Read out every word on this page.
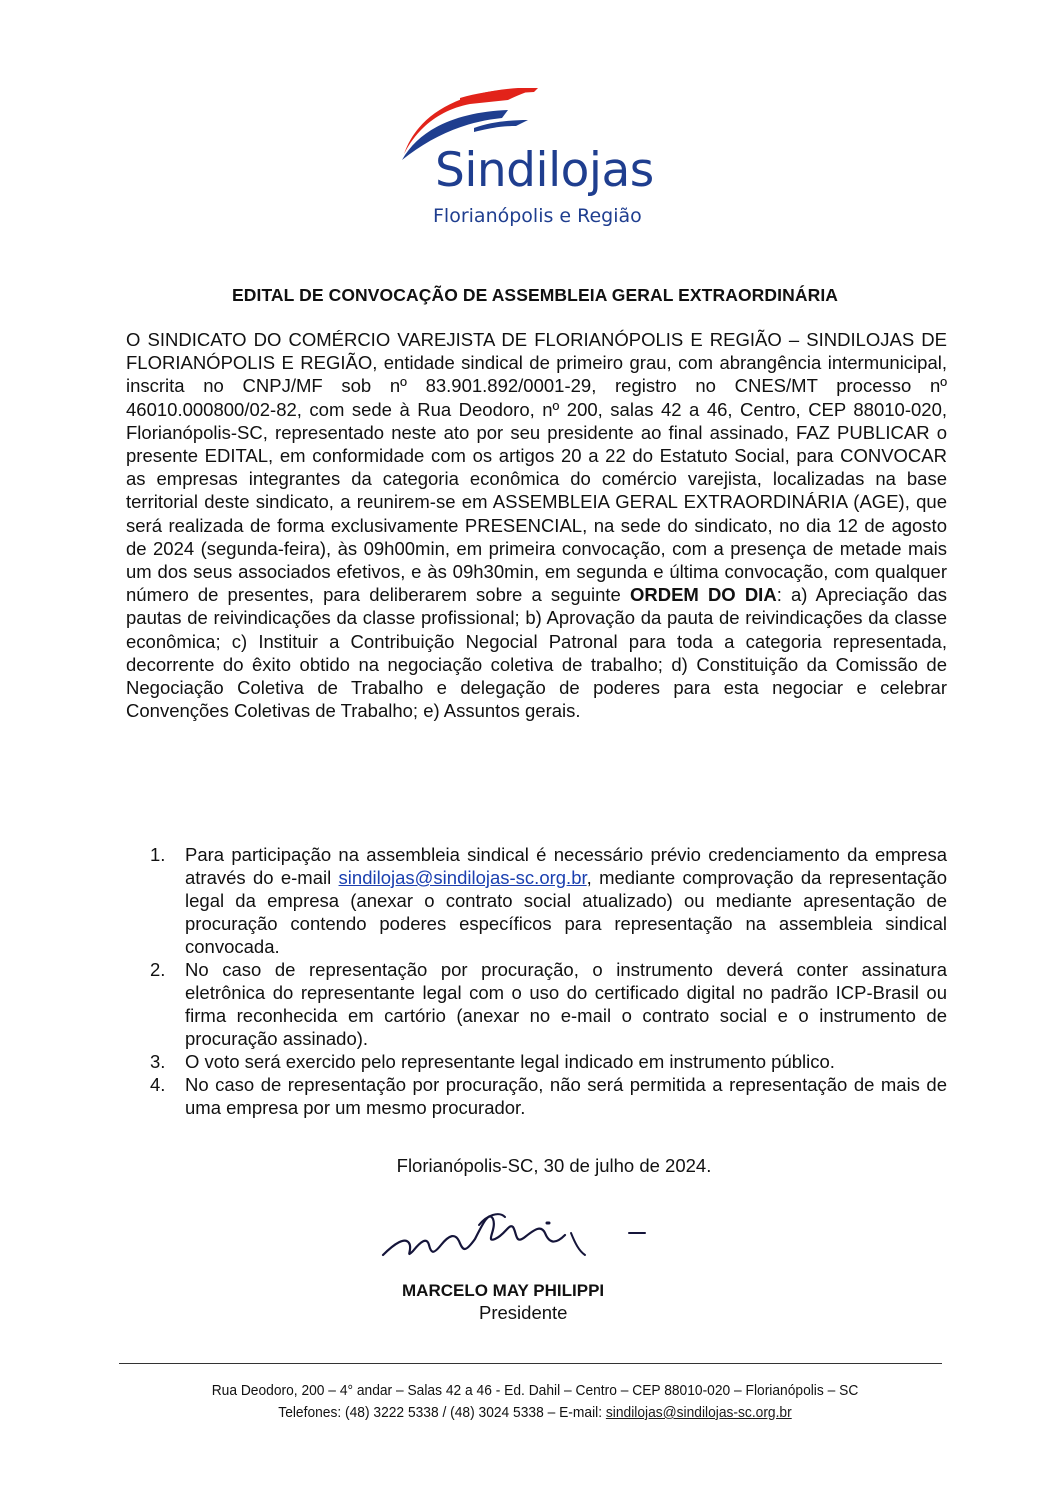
Sindilojas
Florianópolis e Região
EDITAL DE CONVOCAÇÃO DE ASSEMBLEIA GERAL EXTRAORDINÁRIA
O SINDICATO DO COMÉRCIO VAREJISTA DE FLORIANÓPOLIS E REGIÃO – SINDILOJAS DE FLORIANÓPOLIS E REGIÃO, entidade sindical de primeiro grau, com abrangência intermunicipal, inscrita no CNPJ/MF sob nº 83.901.892/0001-29, registro no CNES/MT processo nº 46010.000800/02-82, com sede à Rua Deodoro, nº 200, salas 42 a 46, Centro, CEP 88010-020, Florianópolis-SC, representado neste ato por seu presidente ao final assinado, FAZ PUBLICAR o presente EDITAL, em conformidade com os artigos 20 a 22 do Estatuto Social, para CONVOCAR as empresas integrantes da categoria econômica do comércio varejista, localizadas na base territorial deste sindicato, a reunirem-se em ASSEMBLEIA GERAL EXTRAORDINÁRIA (AGE), que será realizada de forma exclusivamente PRESENCIAL, na sede do sindicato, no dia 12 de agosto de 2024 (segunda-feira), às 09h00min, em primeira convocação, com a presença de metade mais um dos seus associados efetivos, e às 09h30min, em segunda e última convocação, com qualquer número de presentes, para deliberarem sobre a seguinte ORDEM DO DIA: a) Apreciação das pautas de reivindicações da classe profissional; b) Aprovação da pauta de reivindicações da classe econômica; c) Instituir a Contribuição Negocial Patronal para toda a categoria representada, decorrente do êxito obtido na negociação coletiva de trabalho; d) Constituição da Comissão de Negociação Coletiva de Trabalho e delegação de poderes para esta negociar e celebrar Convenções Coletivas de Trabalho; e) Assuntos gerais.
1. Para participação na assembleia sindical é necessário prévio credenciamento da empresa através do e-mail sindilojas@sindilojas-sc.org.br, mediante comprovação da representação legal da empresa (anexar o contrato social atualizado) ou mediante apresentação de procuração contendo poderes específicos para representação na assembleia sindical convocada.
2. No caso de representação por procuração, o instrumento deverá conter assinatura eletrônica do representante legal com o uso do certificado digital no padrão ICP-Brasil ou firma reconhecida em cartório (anexar no e-mail o contrato social e o instrumento de procuração assinado).
3. O voto será exercido pelo representante legal indicado em instrumento público.
4. No caso de representação por procuração, não será permitida a representação de mais de uma empresa por um mesmo procurador.
Florianópolis-SC, 30 de julho de 2024.
MARCELO MAY PHILIPPI
Presidente
Rua Deodoro, 200 – 4° andar – Salas 42 a 46 - Ed. Dahil – Centro – CEP 88010-020 – Florianópolis – SC
Telefones: (48) 3222 5338 / (48) 3024 5338 – E-mail: sindilojas@sindilojas-sc.org.br
